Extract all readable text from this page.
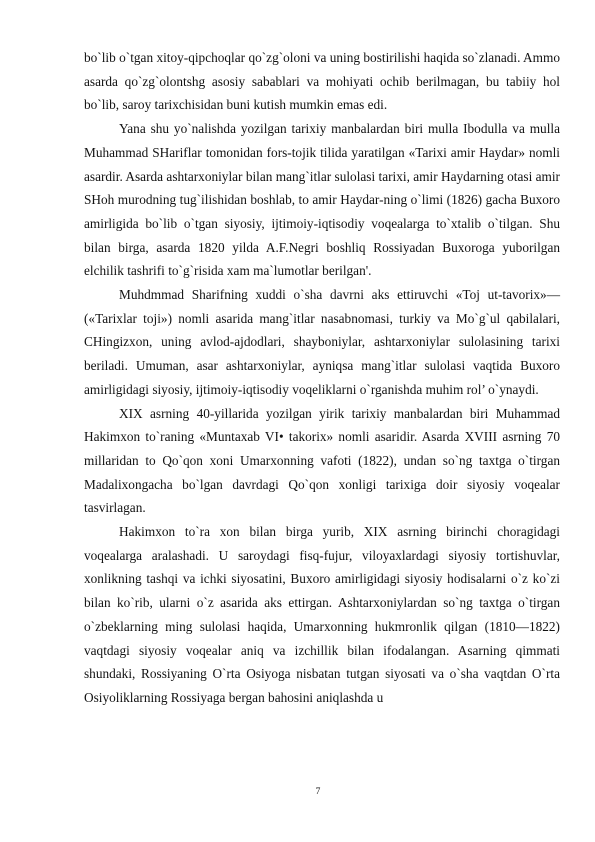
bo`lib o`tgan xitoy-qipchoqlar qo`zg`oloni va uning bostirilishi haqida so`zlanadi. Ammo asarda qo`zg`olontshg asosiy sabablari va mohiyati ochib berilmagan, bu tabiiy hol bo`lib, saroy tarixchisidan buni kutish mumkin emas edi.

Yana shu yo`nalishda yozilgan tarixiy manbalardan biri mulla Ibodulla va mulla Muhammad SHariflar tomonidan fors-tojik tilida yaratilgan «Tarixi amir Haydar» nomli asardir. Asarda ashtarxoniylar bilan mang`itlar sulolasi tarixi, amir Haydarning otasi amir SHoh murodning tug`ilishidan boshlab, to amir Haydar-ning o`limi (1826) gacha Buxoro amirligida bo`lib o`tgan siyosiy, ijtimoiy-iqtisodiy voqealarga to`xtalib o`tilgan. Shu bilan birga, asarda 1820 yilda A.F.Negri boshliq Rossiyadan Buxoroga yuborilgan elchilik tashrifi to`g`risida xam ma`lumotlar berilgan'.

Muhdmmad Sharifning xuddi o`sha davrni aks ettiruvchi «Toj ut-tavorix»— («Tarixlar toji») nomli asarida mang`itlar nasabnomasi, turkiy va Mo`g`ul qabilalari, CHingizxon, uning avlod-ajdodlari, shayboniylar, ashtarxoniylar sulolasining tarixi beriladi. Umuman, asar ashtarxoniylar, ayniqsa mang`itlar sulolasi vaqtida Buxoro amirligidagi siyosiy, ijtimoiy-iqtisodiy voqeliklarni o`rganishda muhim rol’ o`ynaydi.

XIX asrning 40-yillarida yozilgan yirik tarixiy manbalardan biri Muhammad Hakimxon to`raning «Muntaxab VI• takorix» nomli asaridir. Asarda XVIII asrning 70 millaridan to Qo`qon xoni Umarxonning vafoti (1822), undan so`ng taxtga o`tirgan Madalixongacha bo`lgan davrdagi Qo`qon xonligi tarixiga doir siyosiy voqealar tasvirlagan.

Hakimxon to`ra xon bilan birga yurib, XIX asrning birinchi choragidagi voqealarga aralashadi. U saroydagi fisq-fujur, viloyaxlardagi siyosiy tortishuvlar, xonlikning tashqi va ichki siyosatini, Buxoro amirligidagi siyosiy hodisalarni o`z ko`zi bilan ko`rib, ularni o`z asarida aks ettirgan. Ashtarxoniylardan so`ng taxtga o`tirgan o`zbeklarning ming sulolasi haqida, Umarxonning hukmronlik qilgan (1810—1822) vaqtdagi siyosiy voqealar aniq va izchillik bilan ifodalangan. Asarning qimmati shundaki, Rossiyaning O`rta Osiyoga nisbatan tutgan siyosati va o`sha vaqtdan O`rta Osiyoliklarning Rossiyaga bergan bahosini aniqlashda u

7
